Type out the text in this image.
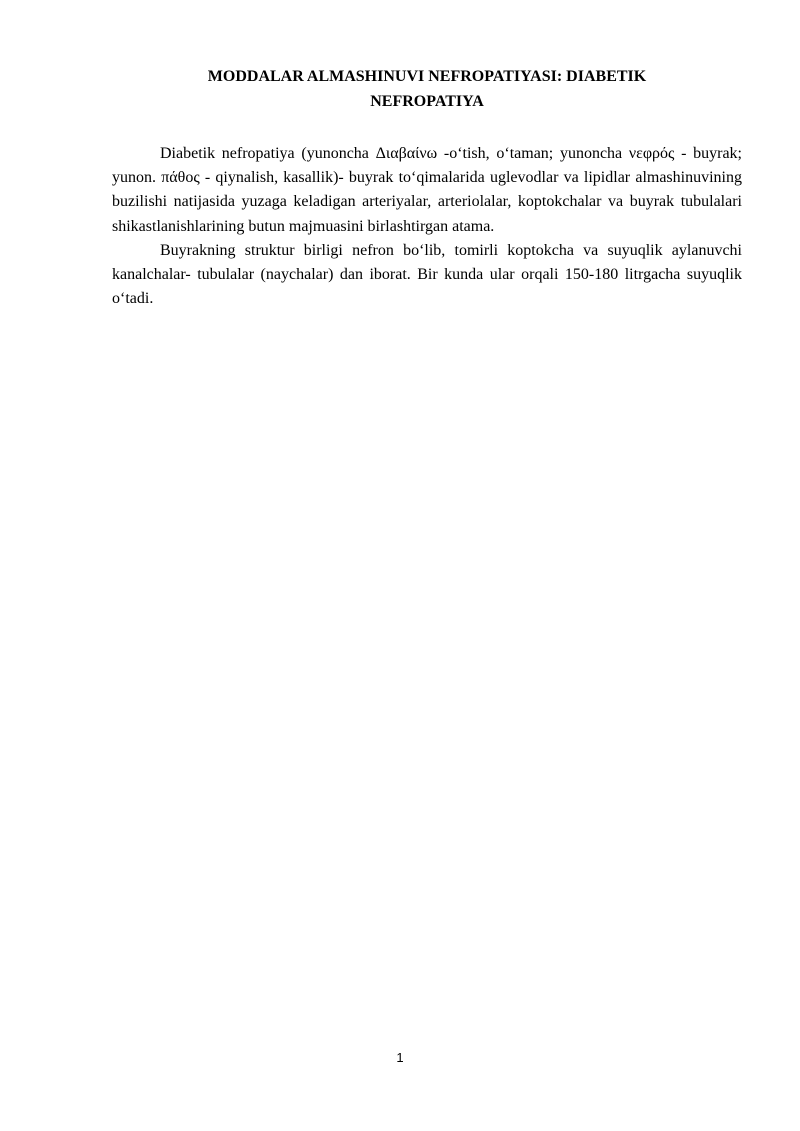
MODDALAR ALMASHINUVI NEFROPATIYASI: DIABETIK
NEFROPATIYA

Diabetik nefropatiya (yunoncha Διαβαίνω -o‘tish, o‘taman; yunoncha νεφρός - buyrak; yunon. πάθος - qiynalish, kasallik)- buyrak to‘qimalarida uglevodlar va lipidlar almashinuvining buzilishi natijasida yuzaga keladigan arteriyalar, arteriolalar, koptokchalar va buyrak tubulalari shikastlanishlarining butun majmuasini birlashtirgan atama.

Buyrakning struktur birligi nefron bo‘lib, tomirli koptokcha va suyuqlik aylanuvchi kanalchalar- tubulalar (naychalar) dan iborat. Bir kunda ular orqali 150-180 litrgacha suyuqlik o‘tadi.

1
